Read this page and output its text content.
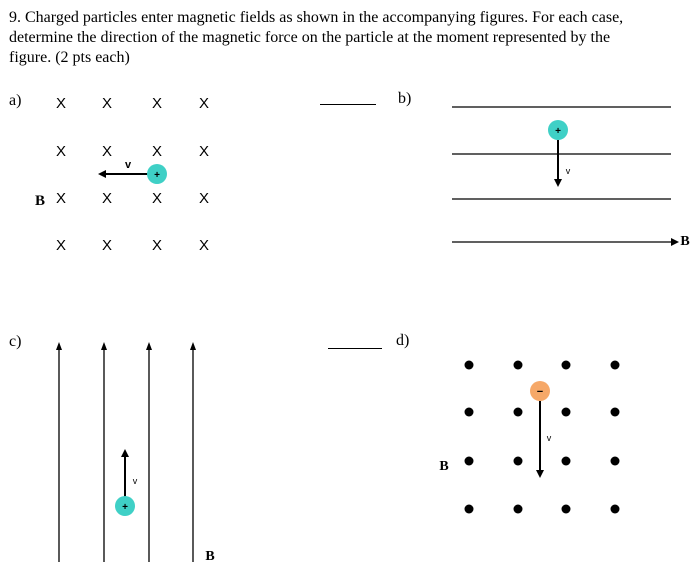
9. Charged particles enter magnetic fields as shown in the accompanying figures. For each case,
determine the direction of the magnetic force on the particle at the moment represented by the
figure. (2 pts each)
a)	b)
c)	d)
X X	X X
X X	X X
X X	X X
X X	X X
B
v
+
B
v
+
B
v
+
B
v
−
